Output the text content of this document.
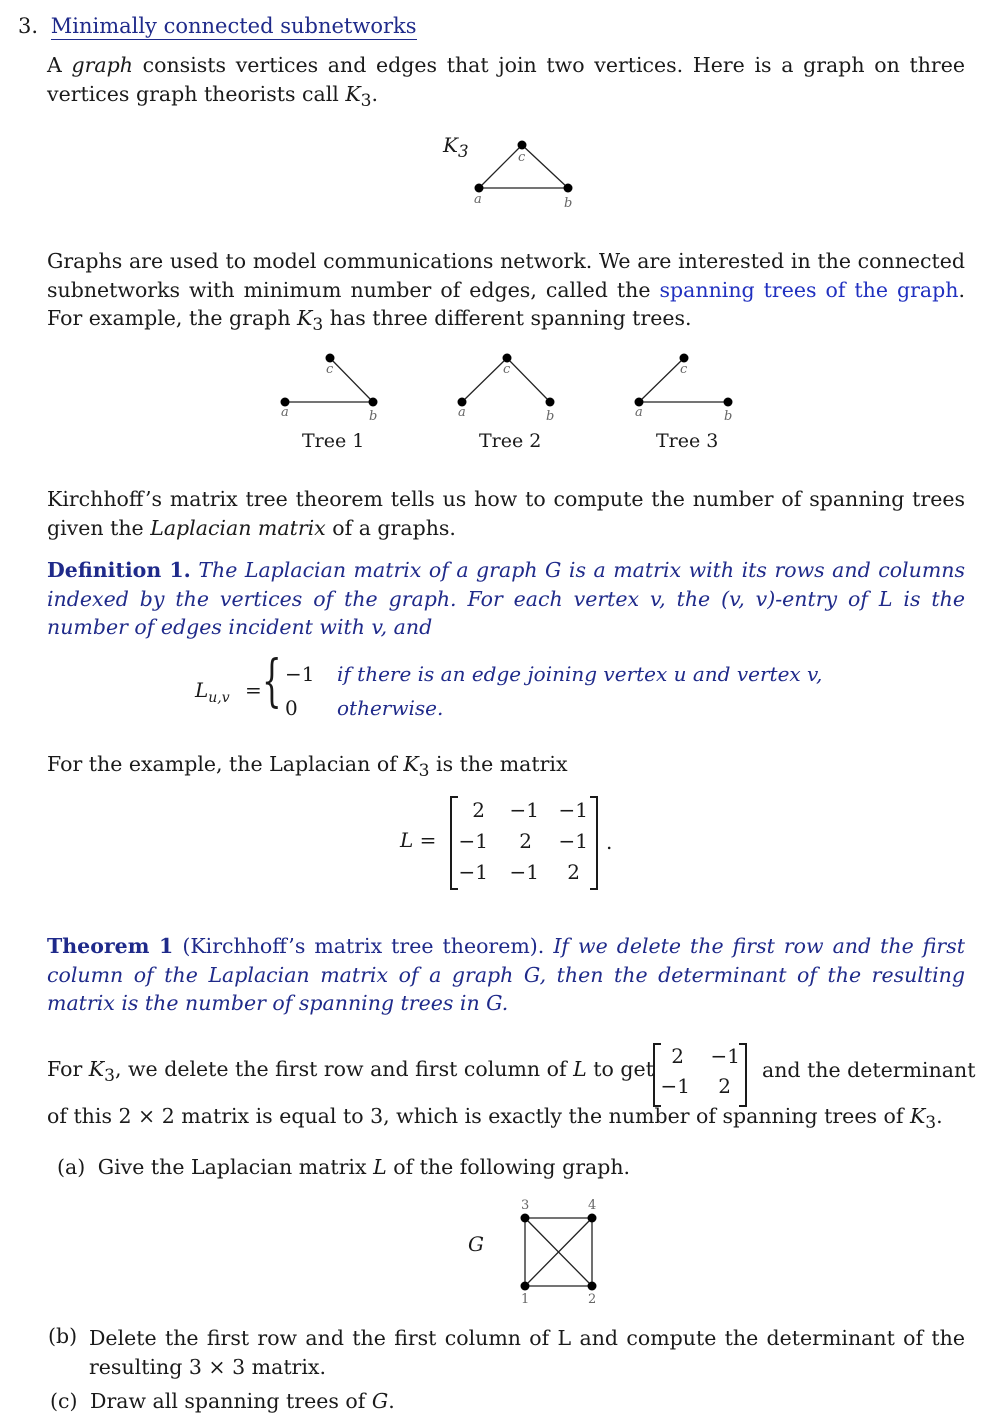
3. Minimally connected subnetworks
A graph consists vertices and edges that join two vertices. Here is a graph on three vertices graph theorists call $K_3$.
$K_3$
a	b
c
Graphs are used to model communications network. We are interested in the connected subnetworks with minimum number of edges, called the spanning trees of the graph. For example, the graph $K_3$ has three different spanning trees.
a	b
c
a	b
c
a	b
c
Tree 1	Tree 2	Tree 3
Kirchhoff’s matrix tree theorem tells us how to compute the number of spanning trees given the Laplacian matrix of a graphs.
Definition 1. The Laplacian matrix of a graph G is a matrix with its rows and columns indexed by the vertices of the graph. For each vertex v, the (v, v)-entry of L is the number of edges incident with v, and
$L_{u,v}$ = { −1 if there is an edge joining vertex u and vertex v,
0 otherwise.
For the example, the Laplacian of $K_3$ is the matrix
L =
2	−1 −1
−1	2	−1
−1	−1	2
.
Theorem 1 (Kirchhoff’s matrix tree theorem). If we delete the first row and the first column of the Laplacian matrix of a graph G, then the determinant of the resulting matrix is the number of spanning trees in G.
For $K_3$, we delete the first row and first column of L to get
2	−1
−1	2
and the determinant
of this 2 × 2 matrix is equal to 3, which is exactly the number of spanning trees of $K_3$.
(a) Give the Laplacian matrix L of the following graph.
G
1	2
3	4
(b) Delete the first row and the first column of L and compute the determinant of the resulting 3 × 3 matrix.
(c) Draw all spanning trees of G.
